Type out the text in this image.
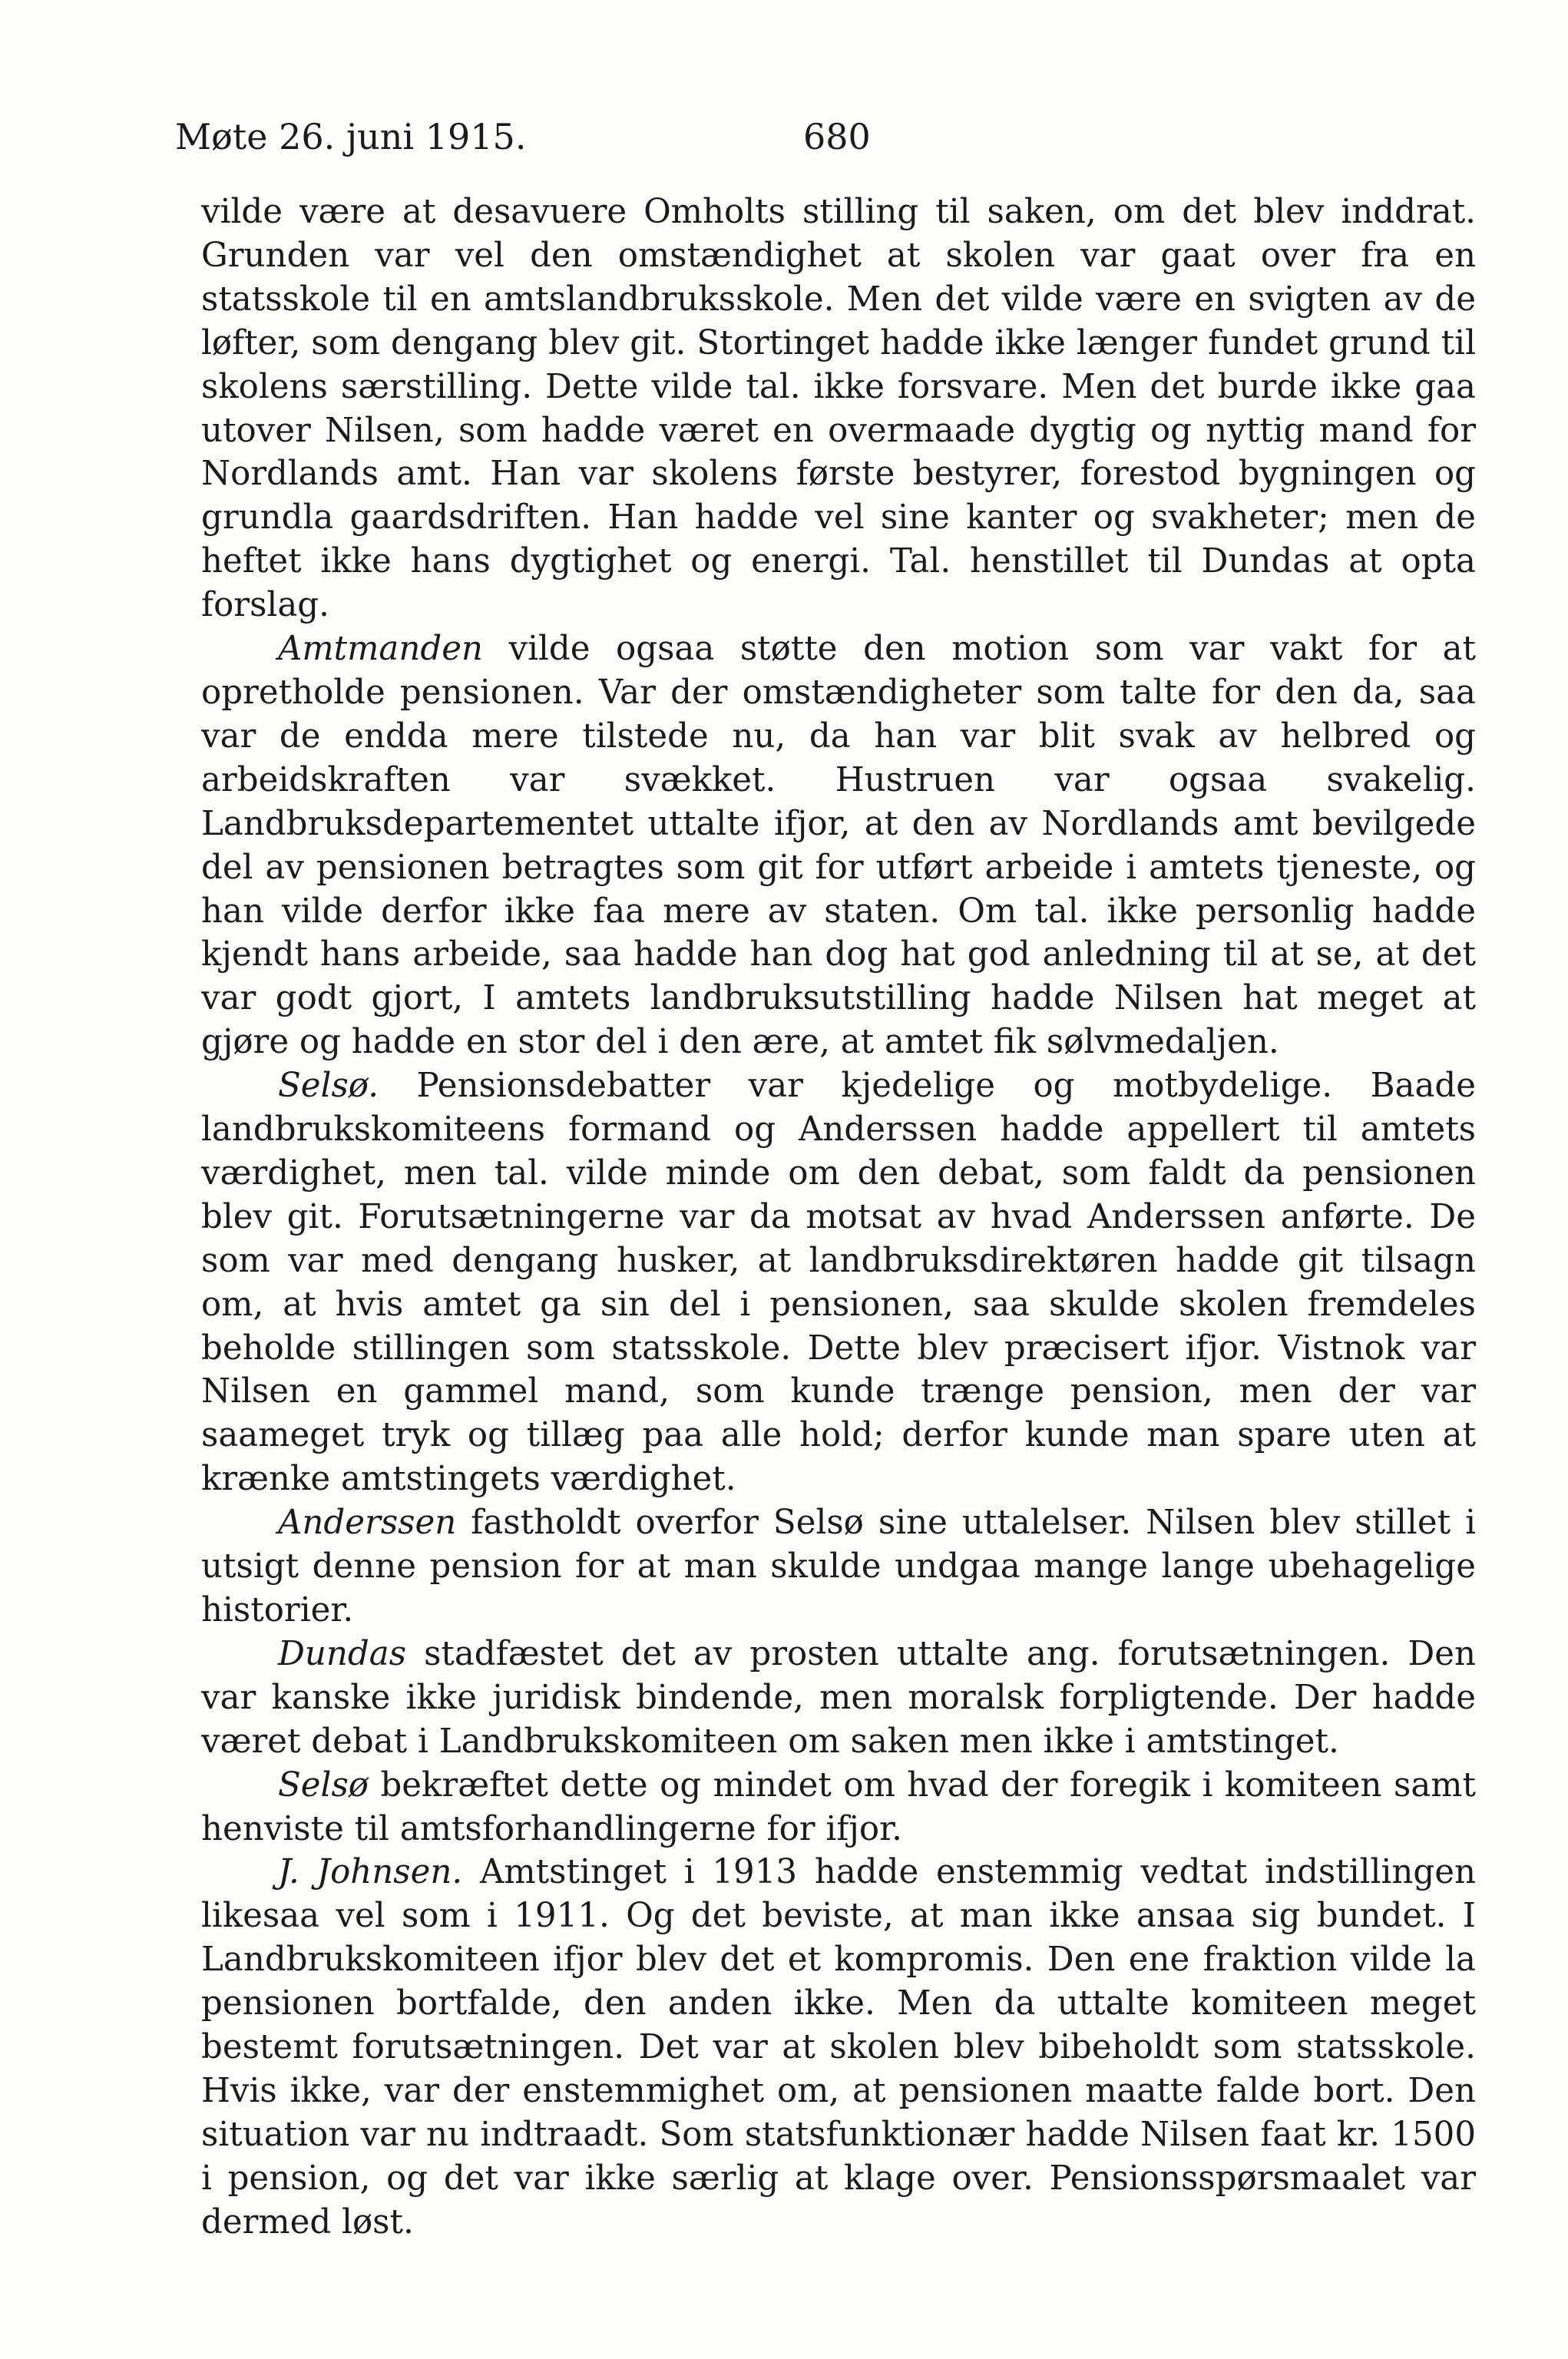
Møte 26. juni 1915.	680

vilde være at desavuere Omholts stilling til saken, om det blev inddrat. Grunden var vel den omstændighet at skolen var gaat over fra en statsskole til en amtslandbruksskole. Men det vilde være en svigten av de løfter, som dengang blev git. Stortinget hadde ikke længer fundet grund til skolens særstilling. Dette vilde tal. ikke forsvare. Men det burde ikke gaa utover Nilsen, som hadde været en overmaade dygtig og nyttig mand for Nordlands amt. Han var skolens første bestyrer, forestod bygningen og grundla gaardsdriften. Han hadde vel sine kanter og svakheter; men de heftet ikke hans dygtighet og energi. Tal. henstillet til Dundas at opta forslag.

Amtmanden vilde ogsaa støtte den motion som var vakt for at opretholde pensionen. Var der omstændigheter som talte for den da, saa var de endda mere tilstede nu, da han var blit svak av helbred og arbeidskraften var svækket. Hustruen var ogsaa svakelig. Landbruksdepartementet uttalte ifjor, at den av Nordlands amt bevilgede del av pensionen betragtes som git for utført arbeide i amtets tjeneste, og han vilde derfor ikke faa mere av staten. Om tal. ikke personlig hadde kjendt hans arbeide, saa hadde han dog hat god anledning til at se, at det var godt gjort, I amtets landbruksutstilling hadde Nilsen hat meget at gjøre og hadde en stor del i den ære, at amtet fik sølvmedaljen.

Selsø. Pensionsdebatter var kjedelige og motbydelige. Baade landbrukskomiteens formand og Anderssen hadde appellert til amtets værdighet, men tal. vilde minde om den debat, som faldt da pensionen blev git. Forutsætningerne var da motsat av hvad Anderssen anførte. De som var med dengang husker, at landbruksdirektøren hadde git tilsagn om, at hvis amtet ga sin del i pensionen, saa skulde skolen fremdeles beholde stillingen som statsskole. Dette blev præcisert ifjor. Vistnok var Nilsen en gammel mand, som kunde trænge pension, men der var saameget tryk og tillæg paa alle hold; derfor kunde man spare uten at krænke amtstingets værdighet.

Anderssen fastholdt overfor Selsø sine uttalelser. Nilsen blev stillet i utsigt denne pension for at man skulde undgaa mange lange ubehagelige historier.

Dundas stadfæstet det av prosten uttalte ang. forutsætningen. Den var kanske ikke juridisk bindende, men moralsk forpligtende. Der hadde været debat i Landbrukskomiteen om saken men ikke i amtstinget.

Selsø bekræftet dette og mindet om hvad der foregik i komiteen samt henviste til amtsforhandlingerne for ifjor.

J. Johnsen. Amtstinget i 1913 hadde enstemmig vedtat indstillingen likesaa vel som i 1911. Og det beviste, at man ikke ansaa sig bundet. I Landbrukskomiteen ifjor blev det et kompromis. Den ene fraktion vilde la pensionen bortfalde, den anden ikke. Men da uttalte komiteen meget bestemt forutsætningen. Det var at skolen blev bibeholdt som statsskole. Hvis ikke, var der enstemmighet om, at pensionen maatte falde bort. Den situation var nu indtraadt. Som statsfunktionær hadde Nilsen faat kr. 1500 i pension, og det var ikke særlig at klage over. Pensionsspørsmaalet var dermed løst.
